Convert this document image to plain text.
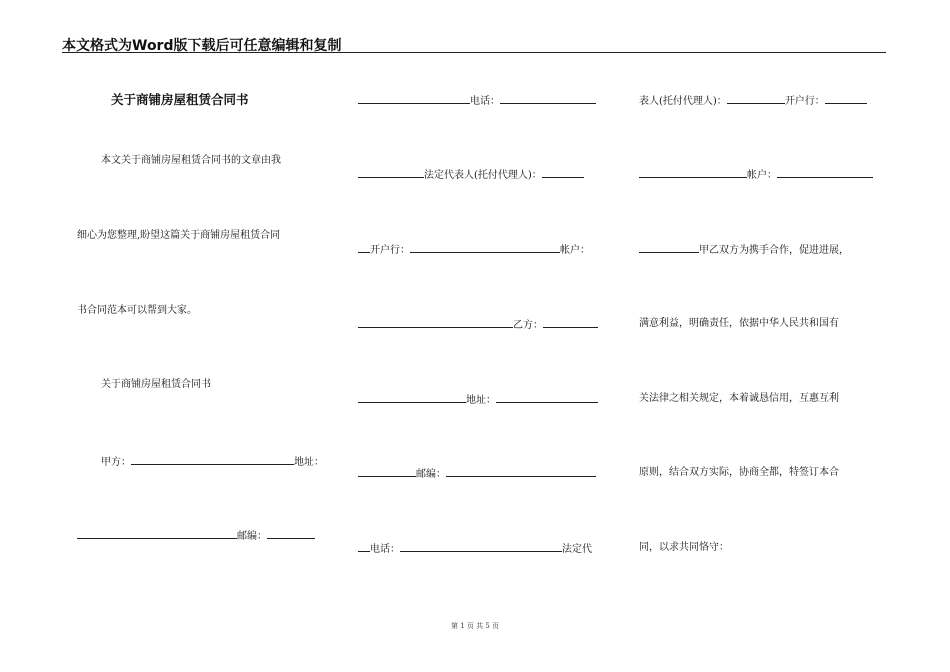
本文格式为Word版下载后可任意编辑和复制
关于商铺房屋租赁合同书
本文关于商铺房屋租赁合同书的文章由我
细心为您整理,盼望这篇关于商铺房屋租赁合同
书合同范本可以帮到大家。
关于商铺房屋租赁合同书
甲方：	地址：
邮编：
电话：
法定代表人(托付代理人)：
开户行：	帐户：
乙方：
地址：
邮编：
电话：	法定代
表人(托付代理人)：	开户行：
帐户：
甲乙双方为携手合作，促进进展，
满意利益，明确责任，依据中华人民共和国有
关法律之相关规定，本着诚恳信用，互惠互利
原则，结合双方实际，协商全都，特签订本合
同，以求共同恪守：
第 1 页 共 5 页
